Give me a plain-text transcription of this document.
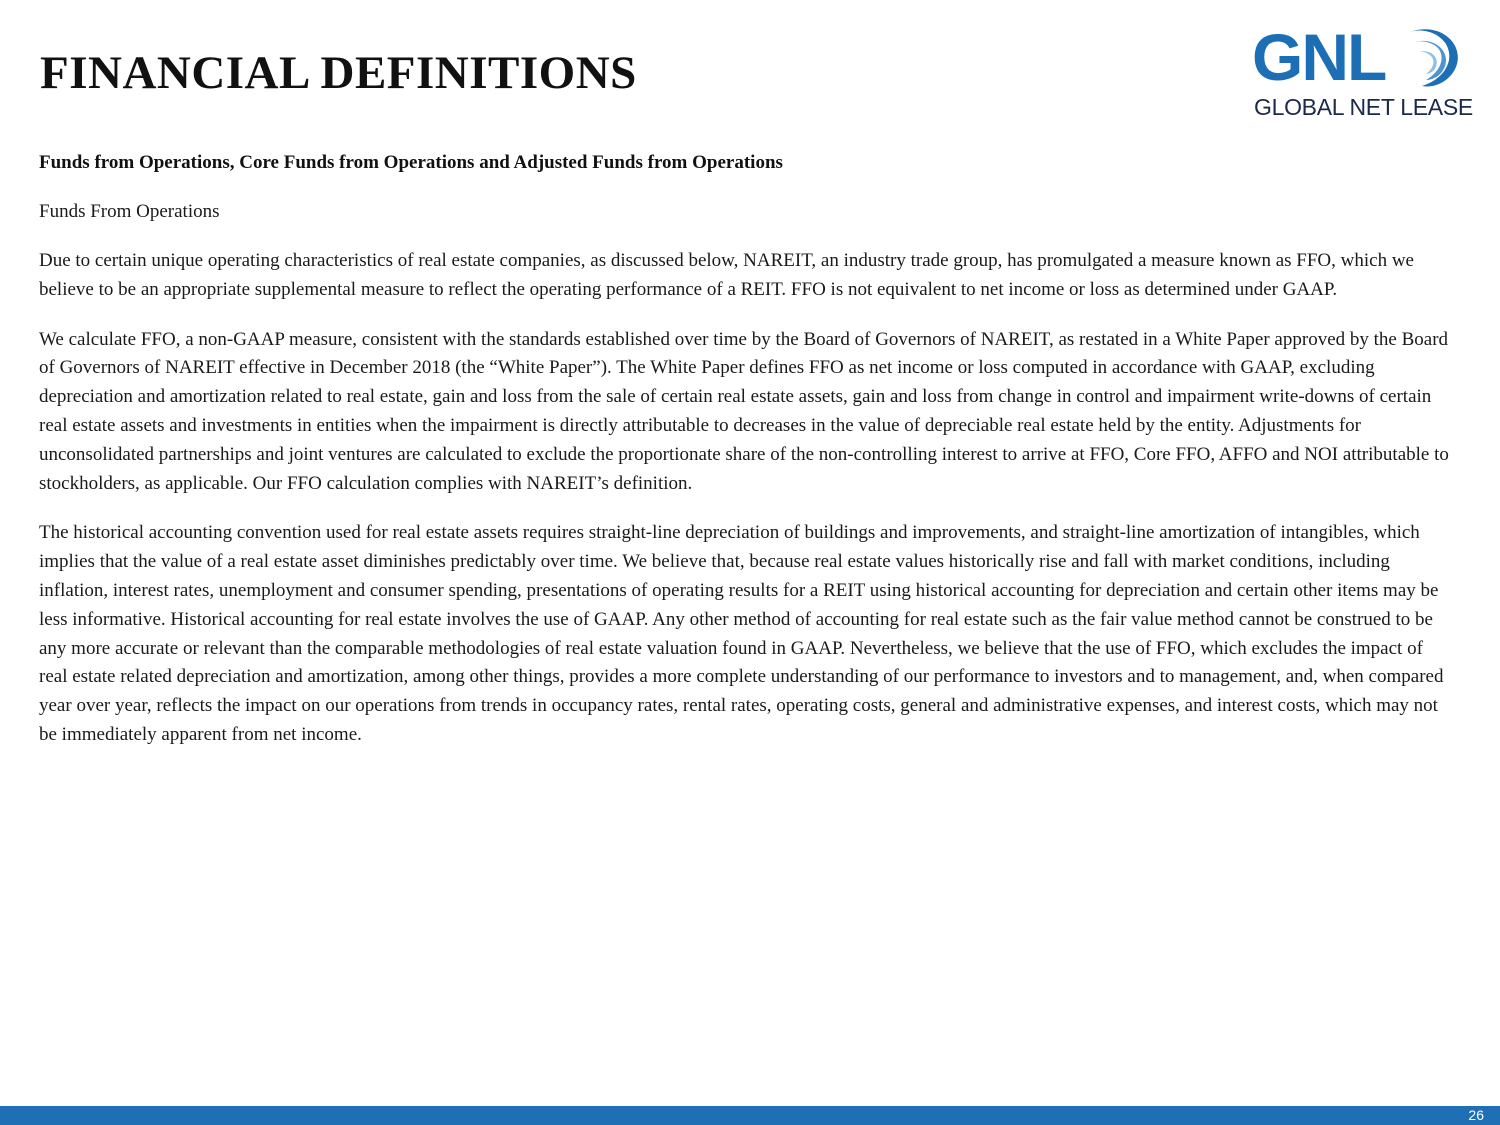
FINANCIAL DEFINITIONS	GNL
GLOBAL NET LEASE
Funds from Operations, Core Funds from Operations and Adjusted Funds from Operations

Funds From Operations

Due to certain unique operating characteristics of real estate companies, as discussed below, NAREIT, an industry trade group, has promulgated a measure known as FFO, which we believe to be an appropriate supplemental measure to reflect the operating performance of a REIT. FFO is not equivalent to net income or loss as determined under GAAP.

We calculate FFO, a non-GAAP measure, consistent with the standards established over time by the Board of Governors of NAREIT, as restated in a White Paper approved by the Board of Governors of NAREIT effective in December 2018 (the “White Paper”). The White Paper defines FFO as net income or loss computed in accordance with GAAP, excluding depreciation and amortization related to real estate, gain and loss from the sale of certain real estate assets, gain and loss from change in control and impairment write-downs of certain real estate assets and investments in entities when the impairment is directly attributable to decreases in the value of depreciable real estate held by the entity. Adjustments for unconsolidated partnerships and joint ventures are calculated to exclude the proportionate share of the non-controlling interest to arrive at FFO, Core FFO, AFFO and NOI attributable to stockholders, as applicable. Our FFO calculation complies with NAREIT’s definition.

The historical accounting convention used for real estate assets requires straight-line depreciation of buildings and improvements, and straight-line amortization of intangibles, which implies that the value of a real estate asset diminishes predictably over time. We believe that, because real estate values historically rise and fall with market conditions, including inflation, interest rates, unemployment and consumer spending, presentations of operating results for a REIT using historical accounting for depreciation and certain other items may be less informative. Historical accounting for real estate involves the use of GAAP. Any other method of accounting for real estate such as the fair value method cannot be construed to be any more accurate or relevant than the comparable methodologies of real estate valuation found in GAAP. Nevertheless, we believe that the use of FFO, which excludes the impact of real estate related depreciation and amortization, among other things, provides a more complete understanding of our performance to investors and to management, and, when compared year over year, reflects the impact on our operations from trends in occupancy rates, rental rates, operating costs, general and administrative expenses, and interest costs, which may not be immediately apparent from net income.

26
